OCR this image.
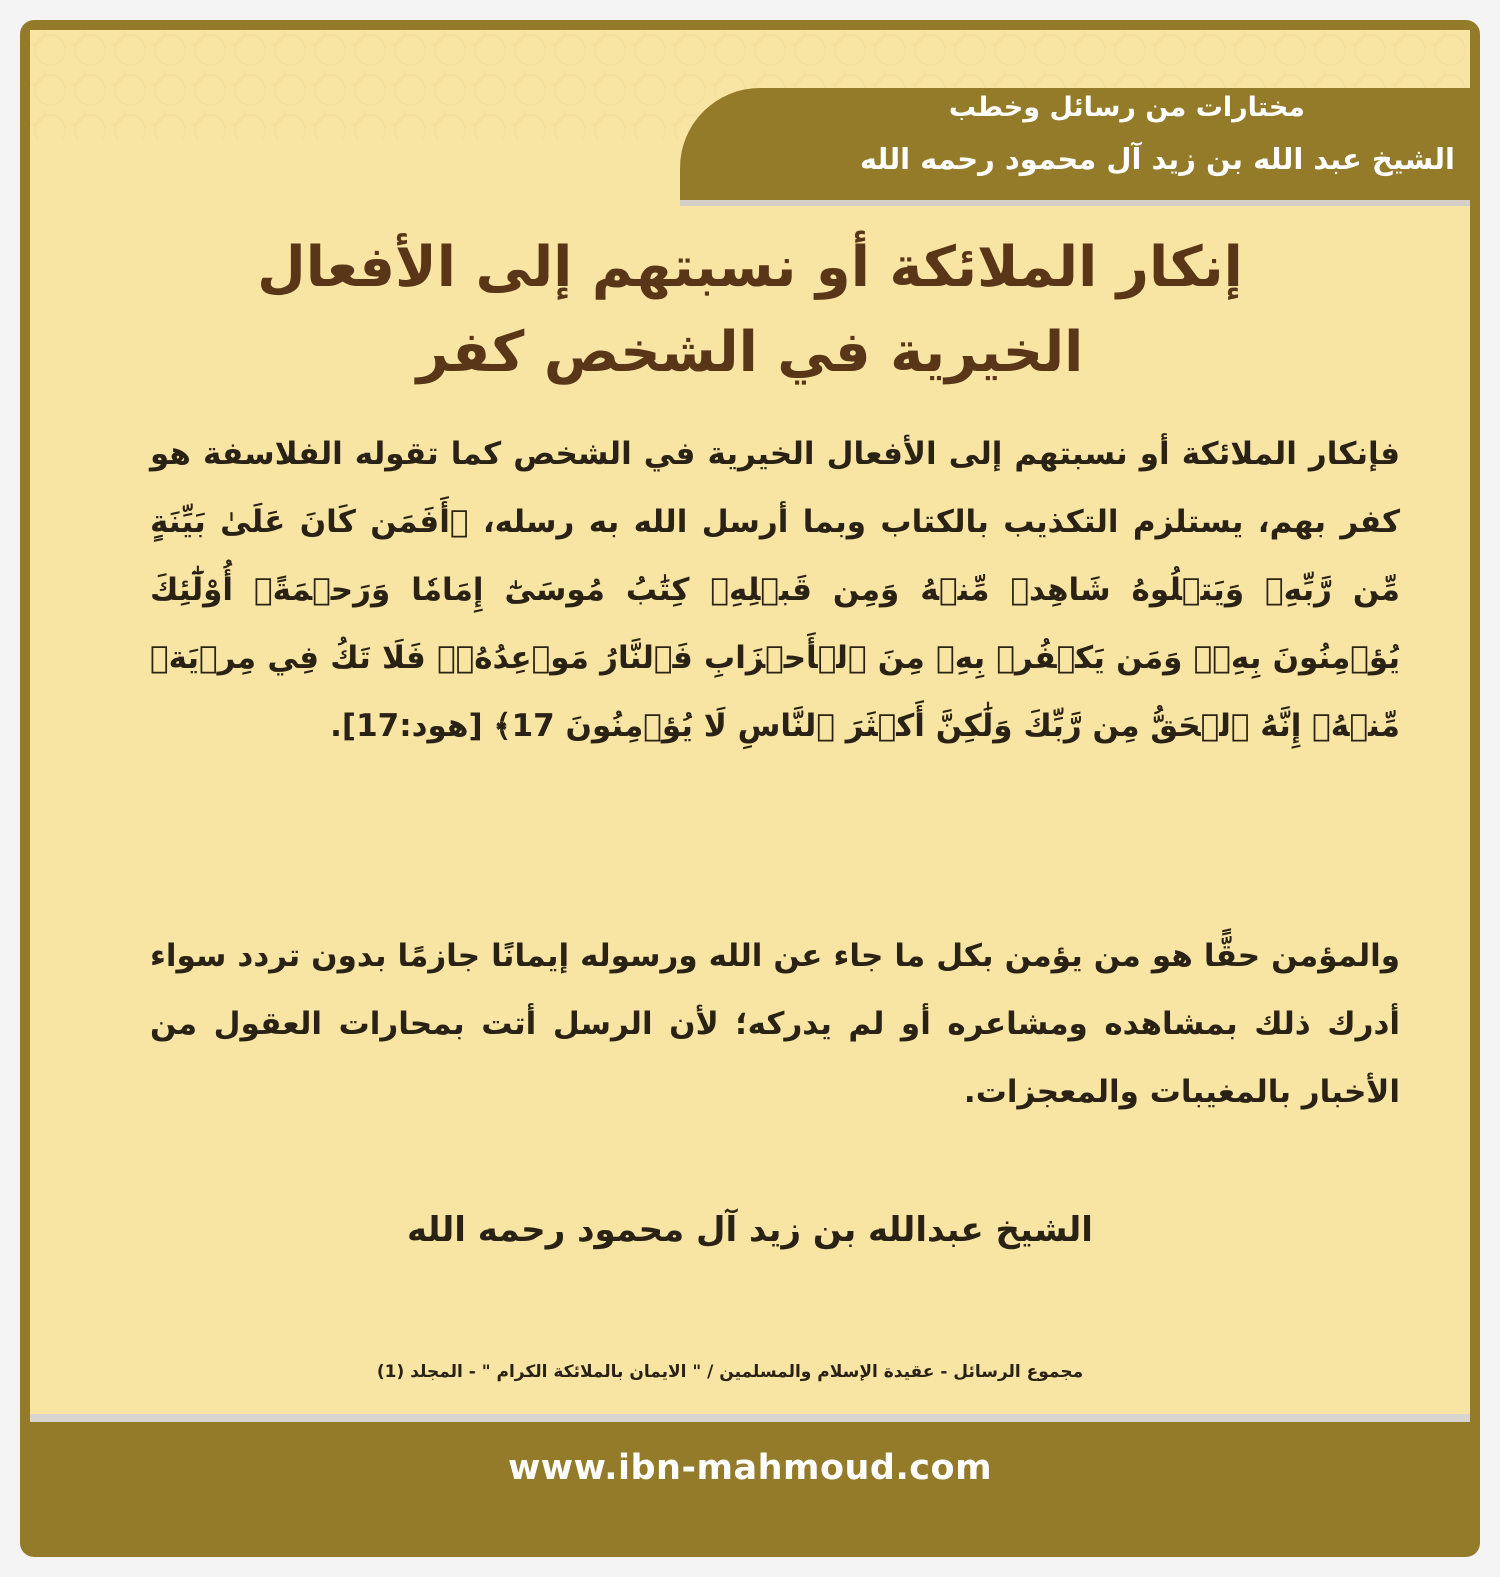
مختارات من رسائل وخطب
الشيخ عبد الله بن زيد آل محمود رحمه الله
إنكار الملائكة أو نسبتهم إلى الأفعال
الخيرية في الشخص كفر

فإنكار الملائكة أو نسبتهم إلى الأفعال الخيرية في الشخص كما تقوله الفلاسفة هو كفر بهم، يستلزم التكذيب بالكتاب وبما أرسل الله به رسله، ﴿أَفَمَن كَانَ عَلَىٰ بَيِّنَةٍ مِّن رَّبِّهِۦ وَيَتۡلُوهُ شَاهِدٞ مِّنۡهُ وَمِن قَبۡلِهِۦ كِتَٰبُ مُوسَىٰٓ إِمَامٗا وَرَحۡمَةًۚ أُوْلَٰٓئِكَ يُؤۡمِنُونَ بِهِۦۚ وَمَن يَكۡفُرۡ بِهِۦ مِنَ ٱلۡأَحۡزَابِ فَٱلنَّارُ مَوۡعِدُهُۥۚ فَلَا تَكُ فِي مِرۡيَةٖ مِّنۡهُۚ إِنَّهُ ٱلۡحَقُّ مِن رَّبِّكَ وَلَٰكِنَّ أَكۡثَرَ ٱلنَّاسِ لَا يُؤۡمِنُونَ 17﴾ [هود:17].

والمؤمن حقًّا هو من يؤمن بكل ما جاء عن الله ورسوله إيمانًا جازمًا بدون تردد سواء أدرك ذلك بمشاهده ومشاعره أو لم يدركه؛ لأن الرسل أتت بمحارات العقول من الأخبار بالمغيبات والمعجزات.

الشيخ عبدالله بن زيد آل محمود رحمه الله
مجموع الرسائل - عقيدة الإسلام والمسلمين / " الايمان بالملائكة الكرام " - المجلد (1)
www.ibn-mahmoud.com
